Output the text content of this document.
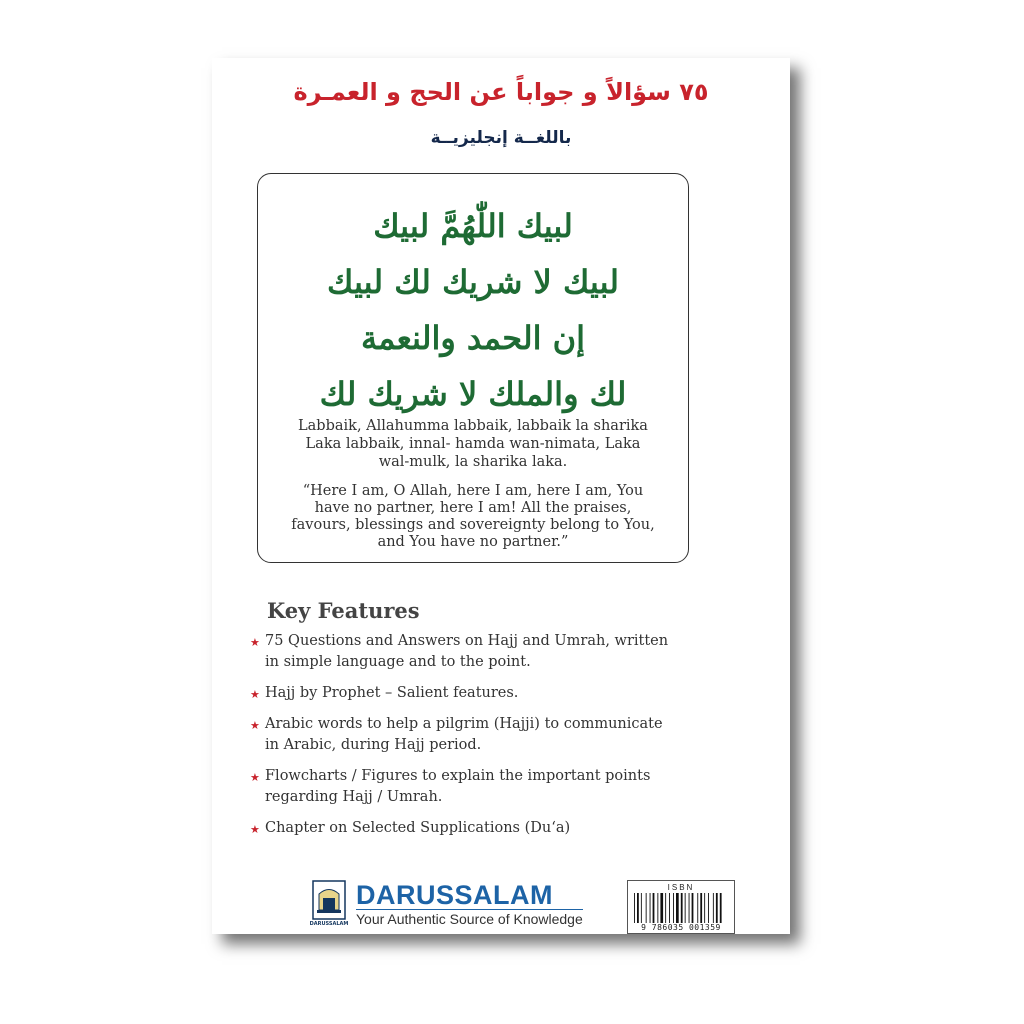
٧٥ سؤالاً و جواباً عن الحج و العمـرة
باللغــة إنجليزيــة
لبيك اللّٰهُمَّ لبيك
لبيك لا شريك لك لبيك
إن الحمد والنعمة
لك والملك لا شريك لك
Labbaik, Allahumma labbaik, labbaik la sharika
Laka labbaik, innal- hamda wan-nimata, Laka
wal-mulk, la sharika laka.
“Here I am, O Allah, here I am, here I am, You
have no partner, here I am! All the praises,
favours, blessings and sovereignty belong to You,
and You have no partner.”
Key Features
★ 75 Questions and Answers on Hajj and Umrah, written
in simple language and to the point.
★ Hajj by Prophet – Salient features.
★ Arabic words to help a pilgrim (Hajji) to communicate
in Arabic, during Hajj period.
★ Flowcharts / Figures to explain the important points
regarding Hajj / Umrah.
★ Chapter on Selected Supplications (Du‘a)
DARUSSALAM
DARUSSALAM
Your Authentic Source of Knowledge
ISBN
9 786035 001359
